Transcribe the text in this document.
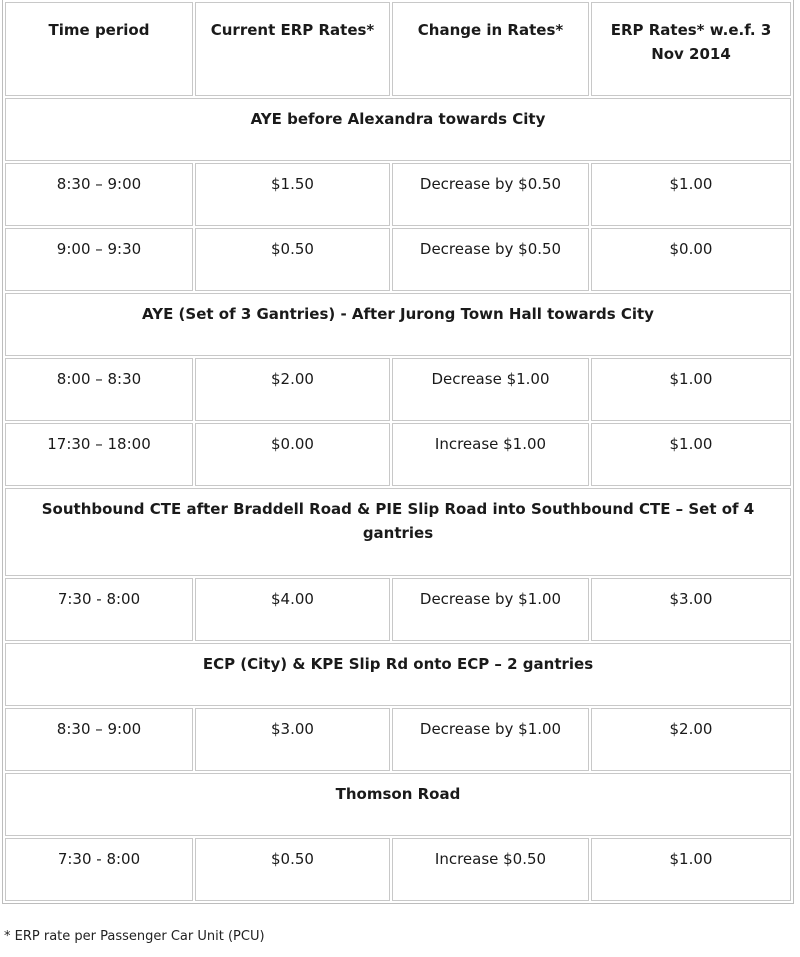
Time period	Current ERP Rates*	Change in Rates*	ERP Rates* w.e.f. 3 Nov 2014
AYE before Alexandra towards City			
8:30 – 9:00	$1.50	Decrease by $0.50	$1.00
9:00 – 9:30	$0.50	Decrease by $0.50	$0.00
AYE (Set of 3 Gantries) - After Jurong Town Hall towards City			
8:00 – 8:30	$2.00	Decrease $1.00	$1.00
17:30 – 18:00	$0.00	Increase $1.00	$1.00
Southbound CTE after Braddell Road & PIE Slip Road into Southbound CTE – Set of 4 gantries			
7:30 - 8:00	$4.00	Decrease by $1.00	$3.00
ECP (City) & KPE Slip Rd onto ECP – 2 gantries			
8:30 – 9:00	$3.00	Decrease by $1.00	$2.00
Thomson Road			
7:30 - 8:00	$0.50	Increase $0.50	$1.00
* ERP rate per Passenger Car Unit (PCU)
